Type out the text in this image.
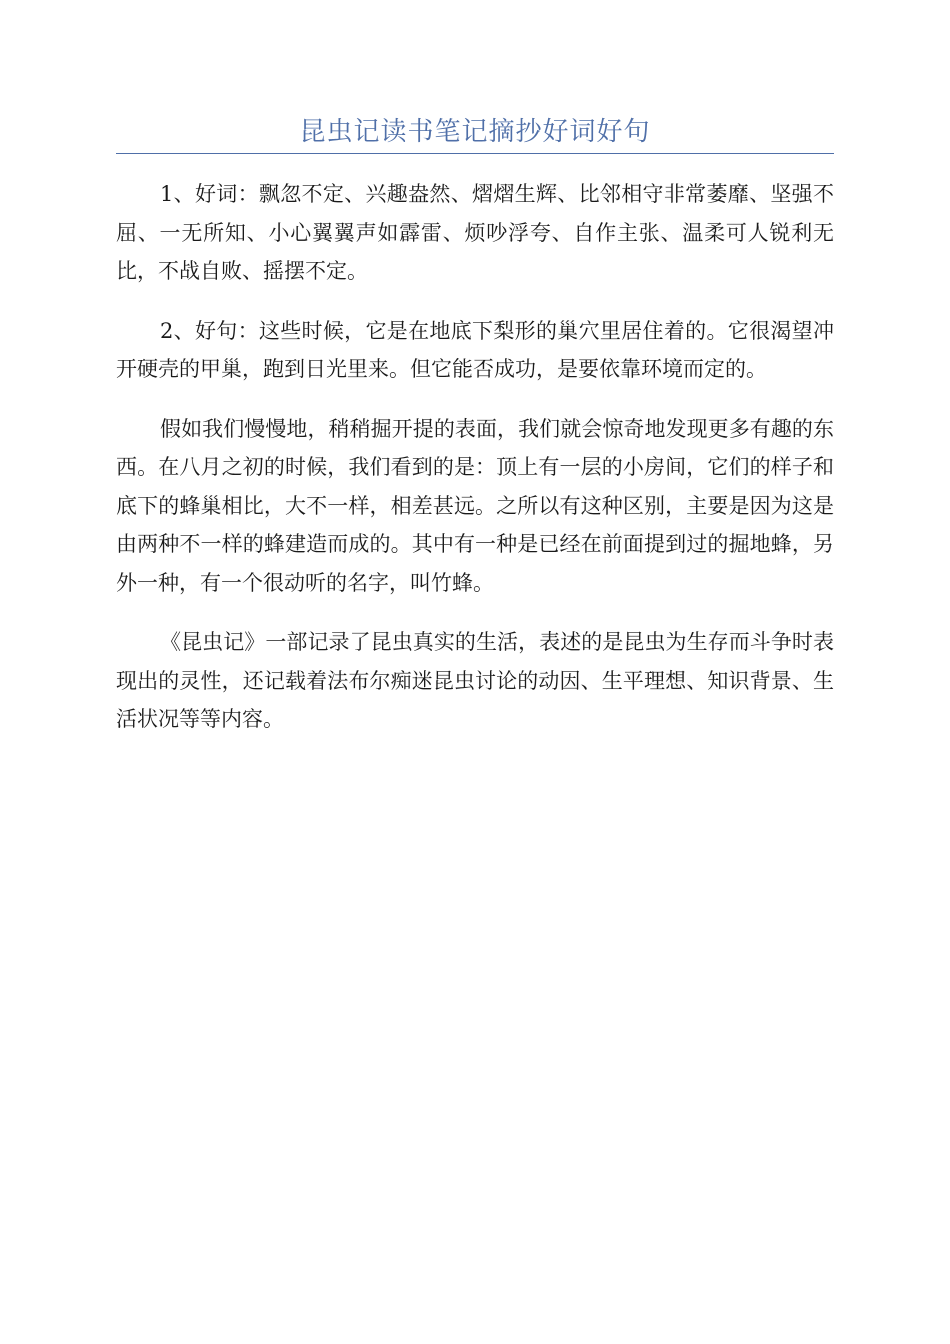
昆虫记读书笔记摘抄好词好句

1、好词：飘忽不定、兴趣盎然、熠熠生辉、比邻相守非常萎靡、坚强不屈、一无所知、小心翼翼声如霹雷、烦吵浮夸、自作主张、温柔可人锐利无比，不战自败、摇摆不定。

2、好句：这些时候，它是在地底下梨形的巢穴里居住着的。它很渴望冲开硬壳的甲巢，跑到日光里来。但它能否成功，是要依靠环境而定的。

假如我们慢慢地，稍稍掘开提的表面，我们就会惊奇地发现更多有趣的东西。在八月之初的时候，我们看到的是：顶上有一层的小房间，它们的样子和底下的蜂巢相比，大不一样，相差甚远。之所以有这种区别，主要是因为这是由两种不一样的蜂建造而成的。其中有一种是已经在前面提到过的掘地蜂，另外一种，有一个很动听的名字，叫竹蜂。

《昆虫记》一部记录了昆虫真实的生活，表述的是昆虫为生存而斗争时表现出的灵性，还记载着法布尔痴迷昆虫讨论的动因、生平理想、知识背景、生活状况等等内容。
